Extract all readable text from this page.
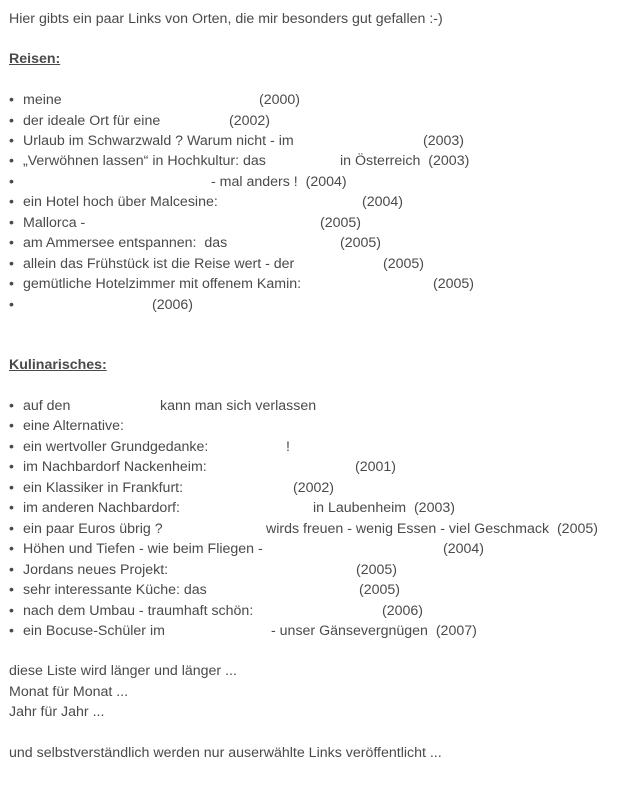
Hier gibts ein paar Links von Orten, die mir besonders gut gefallen :-)
Reisen:
• meine	(2000)
• der ideale Ort für eine	(2002)
• Urlaub im Schwarzwald ? Warum nicht - im	(2003)
• „Verwöhnen lassen“ in Hochkultur: das	in Österreich  (2003)
•	- mal anders !  (2004)
• ein Hotel hoch über Malcesine:	(2004)
• Mallorca -	(2005)
• am Ammersee entspannen:  das	(2005)
• allein das Frühstück ist die Reise wert - der	(2005)
• gemütliche Hotelzimmer mit offenem Kamin:	(2005)
•	(2006)
Kulinarisches:
• auf den	kann man sich verlassen
• eine Alternative:
• ein wertvoller Grundgedanke:	!
• im Nachbardorf Nackenheim:	(2001)
• ein Klassiker in Frankfurt:	(2002)
• im anderen Nachbardorf:	in Laubenheim  (2003)
• ein paar Euros übrig ?	wirds freuen - wenig Essen - viel Geschmack  (2005)
• Höhen und Tiefen - wie beim Fliegen -	(2004)
• Jordans neues Projekt:	(2005)
• sehr interessante Küche: das	(2005)
• nach dem Umbau - traumhaft schön:	(2006)
• ein Bocuse-Schüler im	- unser Gänsevergnügen  (2007)
diese Liste wird länger und länger ...
Monat für Monat ...
Jahr für Jahr ...
und selbstverständlich werden nur auserwählte Links veröffentlicht ...
